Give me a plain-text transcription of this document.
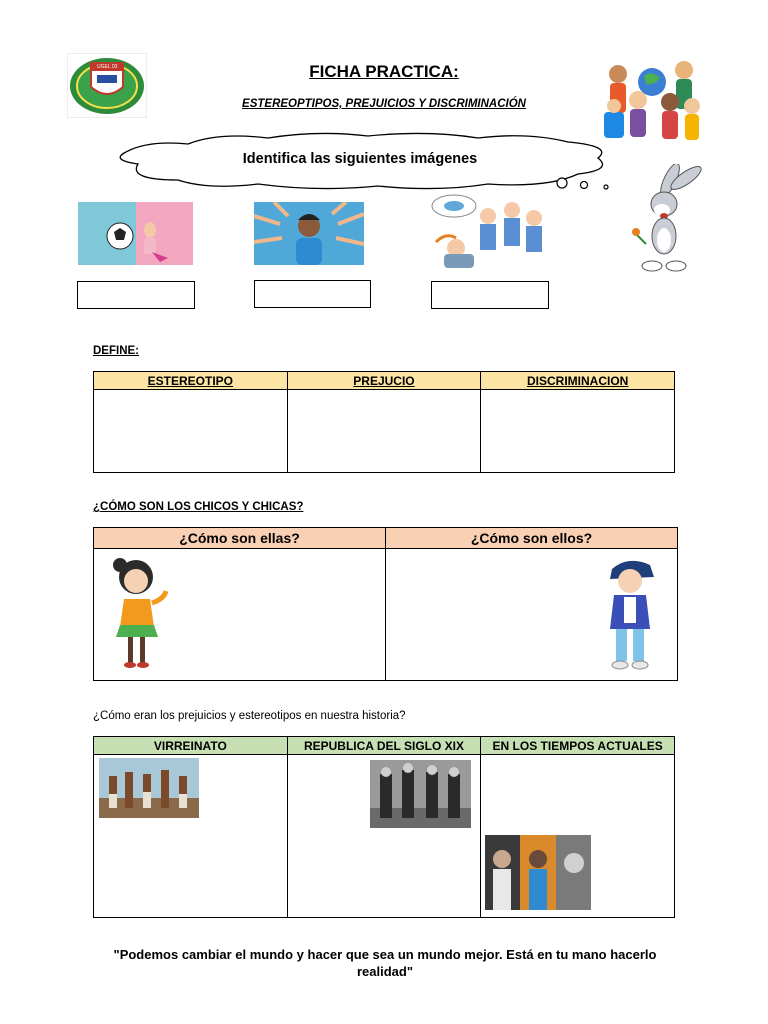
UGEL 03	FICHA PRACTICA:
ESTEREOPTIPOS, PREJUICIOS Y DISCRIMINACIÓN
Identifica las siguientes imágenes
DEFINE:
ESTEREOTIPO	PREJUCIO	DISCRIMINACION

¿CÓMO SON LOS CHICOS Y CHICAS?
¿Cómo son ellas?	¿Cómo son ellos?

¿Cómo eran los prejuicios y estereotipos en nuestra historia?
VIRREINATO	REPUBLICA DEL SIGLO XIX	EN LOS TIEMPOS ACTUALES

"Podemos cambiar el mundo y hacer que sea un mundo mejor. Está en tu mano hacerlo realidad"
